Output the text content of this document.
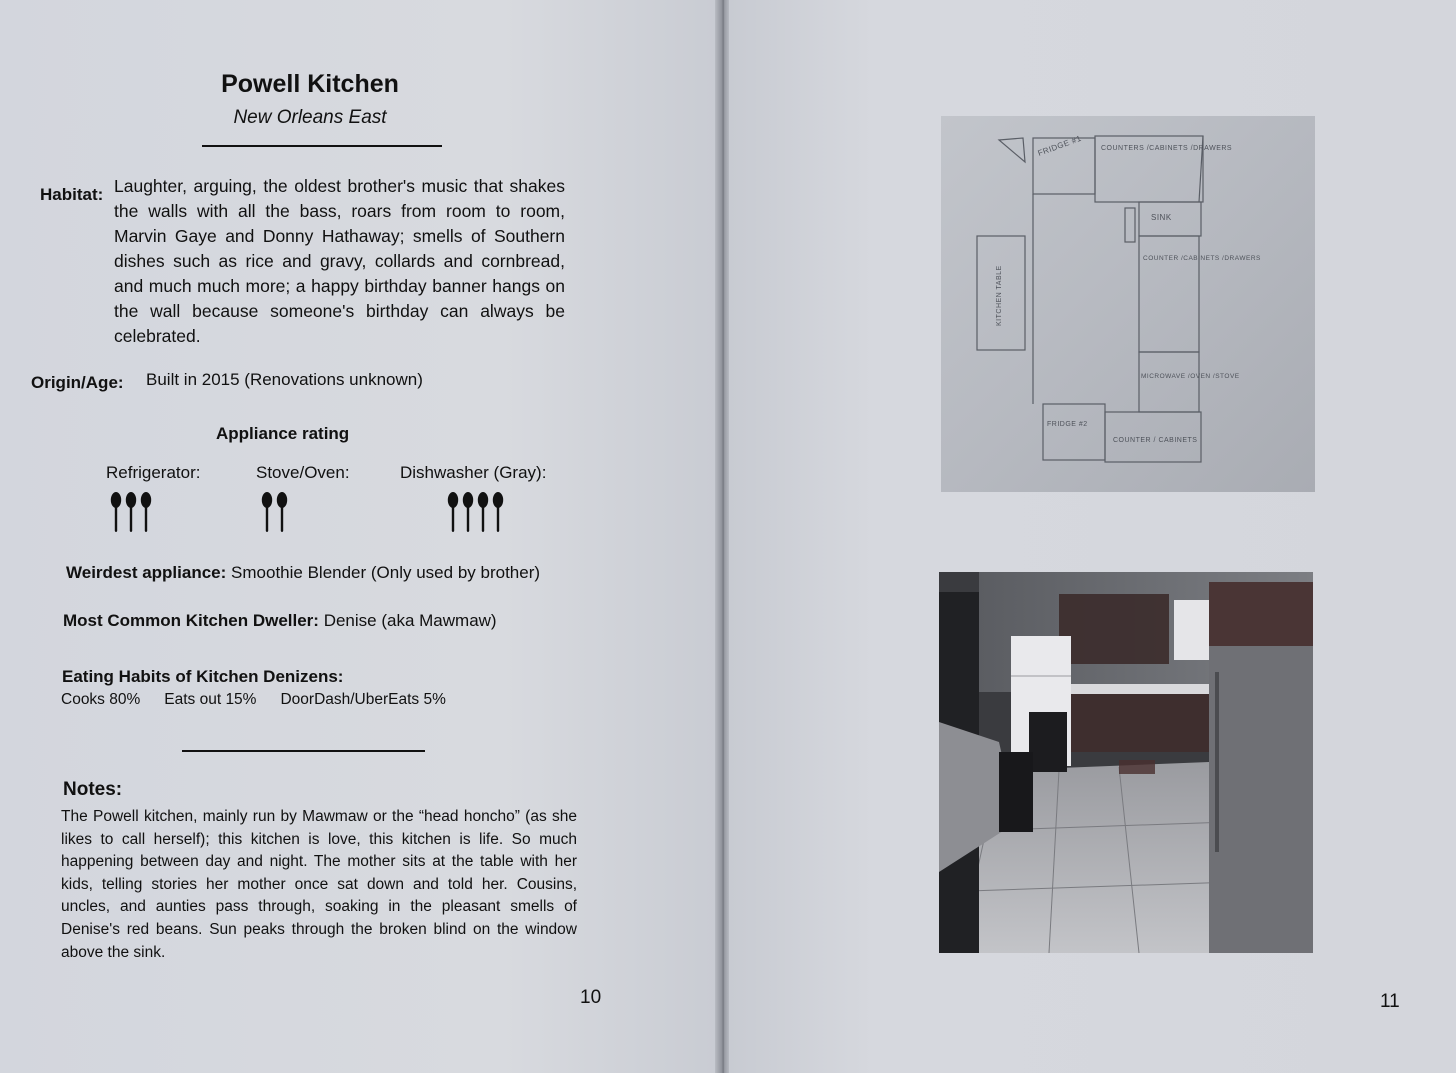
Powell Kitchen
New Orleans East
Habitat: Laughter, arguing, the oldest brother's music that shakes the walls with all the bass, roars from room to room, Marvin Gaye and Donny Hathaway; smells of Southern dishes such as rice and gravy, collards and cornbread, and much much more; a happy birthday banner hangs on the wall because someone's birthday can always be celebrated.
Origin/Age: Built in 2015 (Renovations unknown)
Appliance rating
Refrigerator:	Stove/Oven:	Dishwasher (Gray):
Weirdest appliance: Smoothie Blender (Only used by brother)
Most Common Kitchen Dweller: Denise (aka Mawmaw)
Eating Habits of Kitchen Denizens:
Cooks 80% Eats out 15% DoorDash/UberEats 5%
Notes:
The Powell kitchen, mainly run by Mawmaw or the “head honcho” (as she likes to call herself); this kitchen is love, this kitchen is life. So much happening between day and night. The mother sits at the table with her kids, telling stories her mother once sat down and told her. Cousins, uncles, and aunties pass through, soaking in the pleasant smells of Denise's red beans. Sun peaks through the broken blind on the window above the sink.
10
FRIDGE #1	COUNTERS /CABINETS /DRAWERS
SINK
COUNTER /CABINETS /DRAWERS
MICROWAVE /OVEN /STOVE
FRIDGE #2
COUNTER / CABINETS
KITCHEN TABLE
11
